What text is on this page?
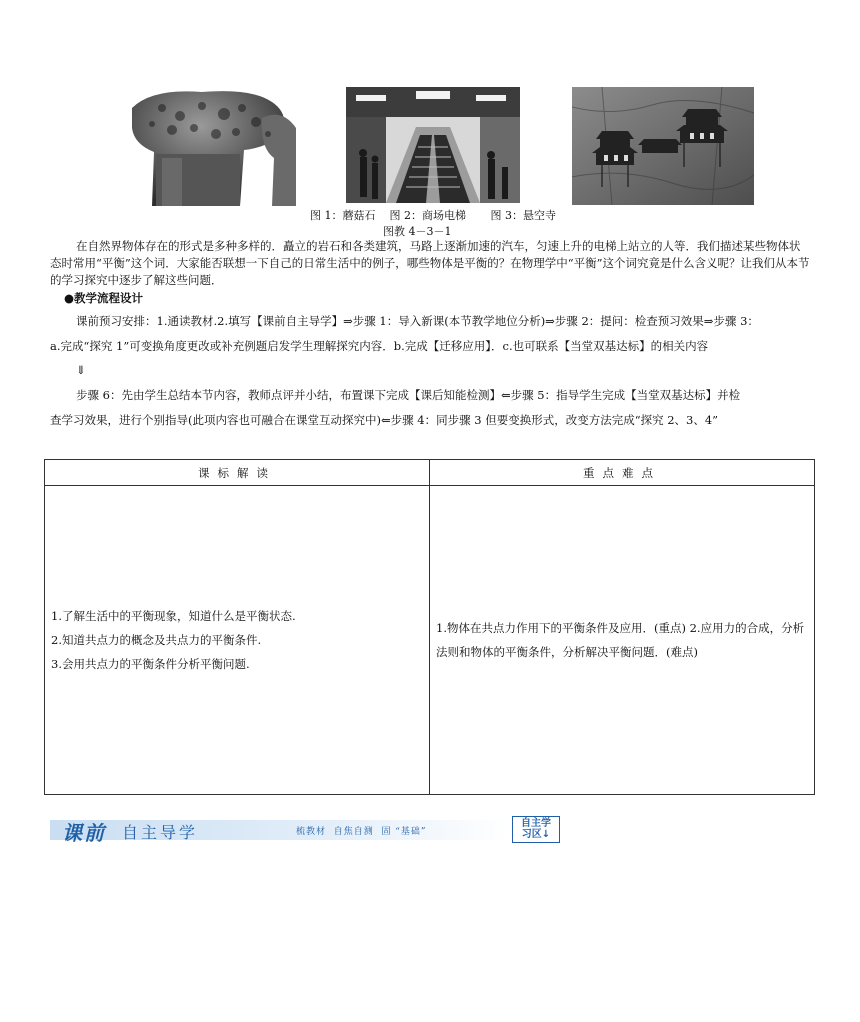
图 1：蘑菇石    图 2：商场电梯       图 3：悬空寺
图教 4－3－1
在自然界物体存在的形式是多种多样的．矗立的岩石和各类建筑，马路上逐渐加速的汽车，匀速上升的电梯上站立的人等．我们描述某些物体状态时常用“平衡”这个词．大家能否联想一下自己的日常生活中的例子，哪些物体是平衡的？在物理学中“平衡”这个词究竟是什么含义呢？让我们从本节的学习探究中逐步了解这些问题．
●教学流程设计
课前预习安排：1.通读教材.2.填写【课前自主导学】⇒步骤 1：导入新课(本节教学地位分析)⇒步骤 2：提问：检查预习效果⇒步骤 3：
a.完成“探究 1”可变换角度更改或补充例题启发学生理解探究内容．b.完成【迁移应用】．c.也可联系【当堂双基达标】的相关内容
⇓
步骤 6：先由学生总结本节内容，教师点评并小结，布置课下完成【课后知能检测】⇐步骤 5：指导学生完成【当堂双基达标】并检
查学习效果，进行个别指导(此项内容也可融合在课堂互动探究中)⇐步骤 4：同步骤 3 但要变换形式，改变方法完成“探究 2、3、4”
课标解读	重点难点

1.了解生活中的平衡现象，知道什么是平衡状态.
2.知道共点力的概念及共点力的平衡条件.
3.会用共点力的平衡条件分析平衡问题.	1.物体在共点力作用下的平衡条件及应用．(重点) 2.应用力的合成，分析法则和物体的平衡条件，分析解决平衡问题．(难点)
课前 自主导学	梳教材  自焦自测  固 “基础”
自主学
习区↓
